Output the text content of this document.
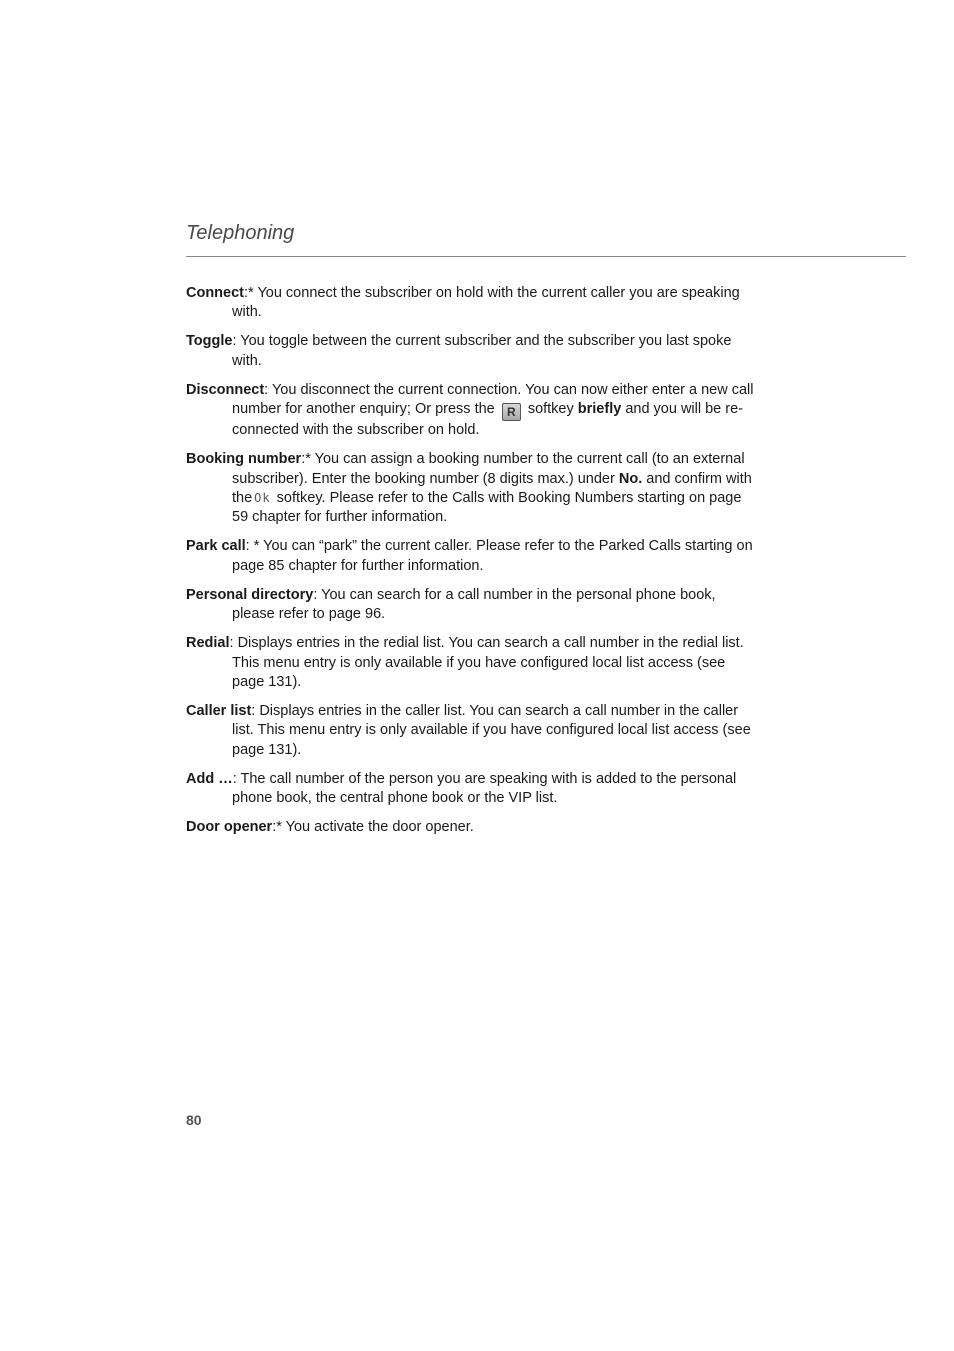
Telephoning

Connect:* You connect the subscriber on hold with the current caller you are speaking with.

Toggle: You toggle between the current subscriber and the subscriber you last spoke with.

Disconnect: You disconnect the current connection. You can now either enter a new call number for another enquiry; Or press the R softkey briefly and you will be re-connected with the subscriber on hold.

Booking number:* You can assign a booking number to the current call (to an external subscriber). Enter the booking number (8 digits max.) under No. and confirm with the Ok softkey. Please refer to the Calls with Booking Numbers starting on page 59 chapter for further information.

Park call: * You can “park” the current caller. Please refer to the Parked Calls starting on page 85 chapter for further information.

Personal directory: You can search for a call number in the personal phone book, please refer to page 96.

Redial: Displays entries in the redial list. You can search a call number in the redial list. This menu entry is only available if you have configured local list access (see page 131).

Caller list: Displays entries in the caller list. You can search a call number in the caller list. This menu entry is only available if you have configured local list access (see page 131).

Add …: The call number of the person you are speaking with is added to the personal phone book, the central phone book or the VIP list.

Door opener:* You activate the door opener.

80
